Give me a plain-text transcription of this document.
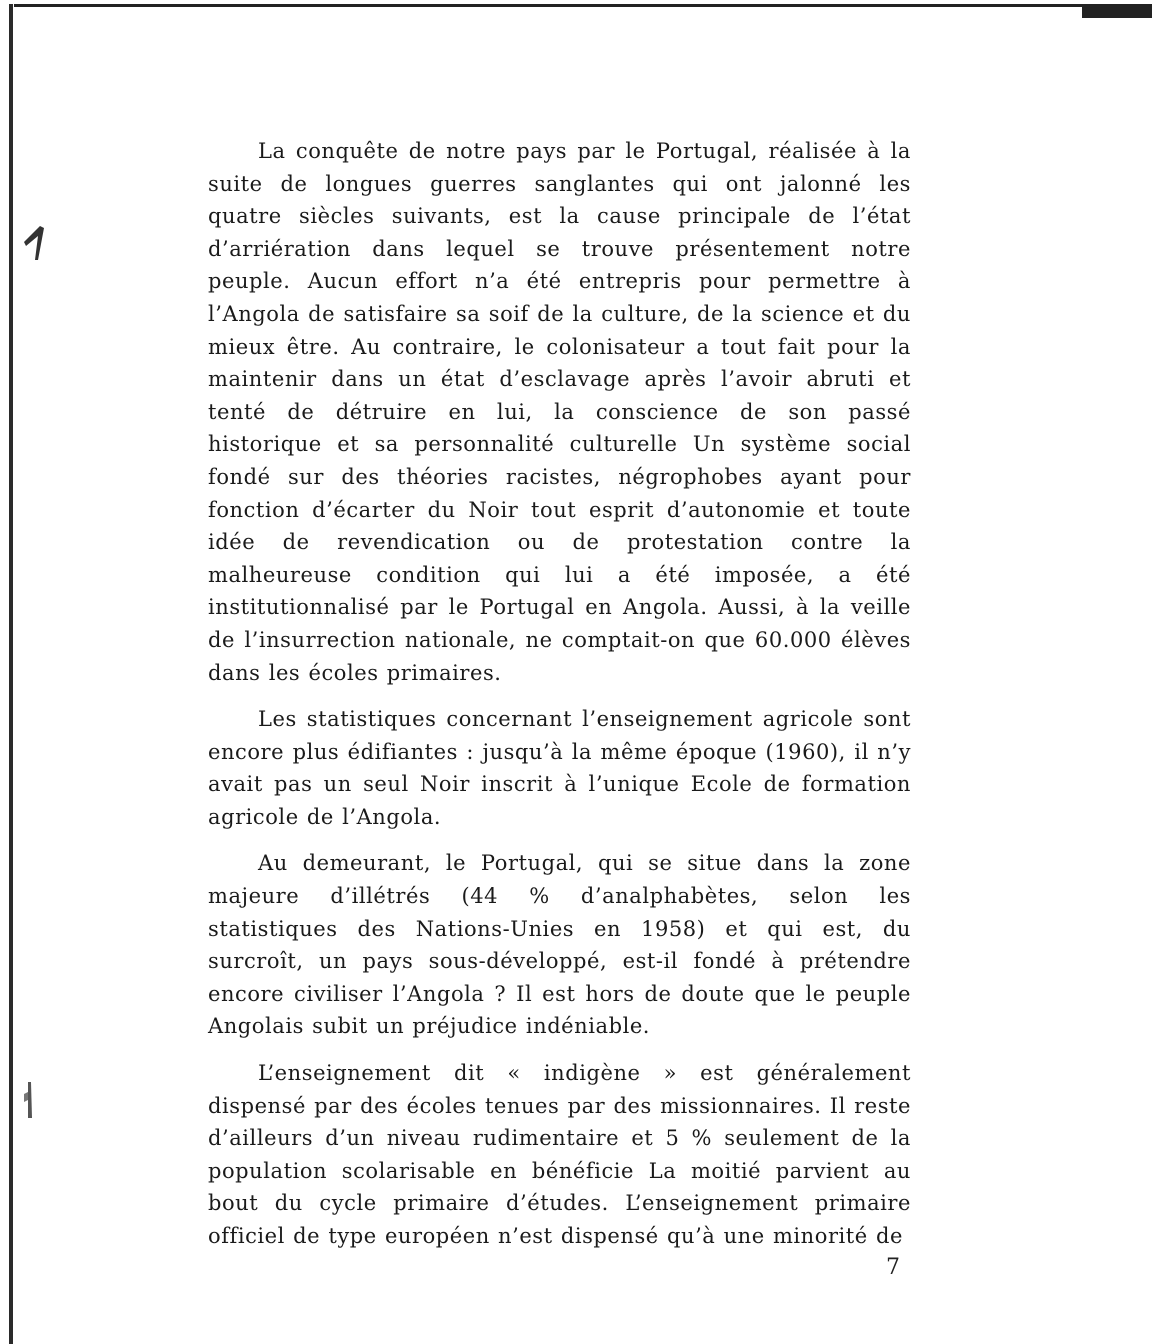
La conquête de notre pays par le Portugal, réalisée à la suite de longues guerres sanglantes qui ont jalonné les quatre siècles suivants, est la cause principale de l’état d’arriération dans lequel se trouve présentement notre peuple. Aucun effort n’a été entrepris pour permettre à l’Angola de satisfaire sa soif de la culture, de la science et du mieux être. Au contraire, le colonisateur a tout fait pour la maintenir dans un état d’esclavage après l’avoir abruti et tenté de détruire en lui, la conscience de son passé historique et sa personnalité culturelle Un système social fondé sur des théories racistes, négrophobes ayant pour fonction d’écarter du Noir tout esprit d’autonomie et toute idée de revendication ou de protestation contre la malheureuse condition qui lui a été imposée, a été institutionnalisé par le Portugal en Angola. Aussi, à la veille de l’insurrection nationale, ne comptait-on que 60.000 élèves dans les écoles primaires.

Les statistiques concernant l’enseignement agricole sont encore plus édifiantes : jusqu’à la même époque (1960), il n’y avait pas un seul Noir inscrit à l’unique Ecole de formation agricole de l’Angola.

Au demeurant, le Portugal, qui se situe dans la zone majeure d’illétrés (44 % d’analphabètes, selon les statistiques des Nations-Unies en 1958) et qui est, du surcroît, un pays sous-développé, est-il fondé à prétendre encore civiliser l’Angola ? Il est hors de doute que le peuple Angolais subit un préjudice indéniable.

L’enseignement dit « indigène » est généralement dispensé par des écoles tenues par des missionnaires. Il reste d’ailleurs d’un niveau rudimentaire et 5 % seulement de la population scolarisable en bénéficie La moitié parvient au bout du cycle primaire d’études. L’enseignement primaire officiel de type européen n’est dispensé qu’à une minorité de

7
